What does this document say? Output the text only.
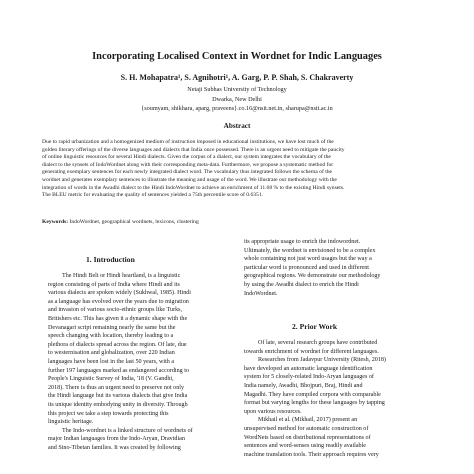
Incorporating Localised Context in Wordnet for Indic Languages
S. H. Mohapatra¹, S. Agnihotri¹, A. Garg, P. P. Shah, S. Chakraverty
Netaji Subhas University of Technology
Dwarka, New Delhi
{soumyam, shikhara, aparg, praveens}.co.16@nsit.net.in, sharupa@nsit.ac.in
Abstract
Due to rapid urbanization and a homogenized medium of instruction imposed in educational institutions, we have lost much of the
golden literary offerings of the diverse languages and dialects that India once possessed. There is an urgent need to mitigate the paucity
of online linguistic resources for several Hindi dialects. Given the corpus of a dialect, our system integrates the vocabulary of the
dialect to the synsets of IndoWordnet along with their corresponding meta-data. Furthermore, we propose a systematic method for
generating exemplary sentences for each newly integrated dialect word. The vocabulary thus integrated follows the schema of the
wordnet and generates exemplary sentences to illustrate the meaning and usage of the word. We illustrate our methodology with the
integration of words in the Awadhi dialect to the Hindi IndoWordnet to achieve an enrichment of 11.68 % to the existing Hindi synsets.
The BLEU metric for evaluating the quality of sentences yielded a 75th percentile score of 0.6351.
Keywords: IndoWordnet, geographical wordnets, lexicons, clustering
1. Introduction
The Hindi Belt or Hindi heartland, is a linguistic
region consisting of parts of India where Hindi and its
various dialects are spoken widely (Sukhwal, 1985). Hindi
as a language has evolved over the years due to migration
and invasion of various socio-ethnic groups like Turks,
Britishers etc. This has given it a dynamic shape with the
Devanagari script remaining nearly the same but the
speech changing with location, thereby leading to a
plethora of dialects spread across the region. Of late, due
to westernisation and globalization, over 220 Indian
languages have been lost in the last 50 years, with a
further 197 languages marked as endangered according to
People's Linguistic Survey of India, '18 (V. Gandhi,
2018). There is thus an urgent need to preserve not only
the Hindi language but its various dialects that give India
its unique identity embodying unity in diversity. Through
this project we take a step towards protecting this
linguistic heritage.
The Indo-wordnet is a linked structure of wordnets of
major Indian languages from the Indo-Aryan, Dravidian
and Sino-Tibetan families. It was created by following
its appropriate usage to enrich the indowordnet.
Ultimately, the wordnet is envisioned to be a complex
whole containing not just word usages but the way a
particular word is pronounced and used in different
geographical regions. We demonstrate our methodology
by using the Awadhi dialect to enrich the Hindi
IndoWordnet.
2. Prior Work
Of late, several research groups have contributed
towards enrichment of wordnet for different languages.
Researches from Jadavpur University (Ritesh, 2018)
have developed an automatic language identification
system for 5 closely-related Indo-Aryan languages of
India namely, Awadhi, Bhojpuri, Braj, Hindi and
Magadhi. They have compiled corpora with comparable
format but varying lengths for these languages by tapping
upon various resources.
Mikhail et al. (Mikhail, 2017) present an
unsupervised method for automatic construction of
WordNets based on distributional representations of
sentences and word-senses using readily available
machine translation tools. Their approach requires very
